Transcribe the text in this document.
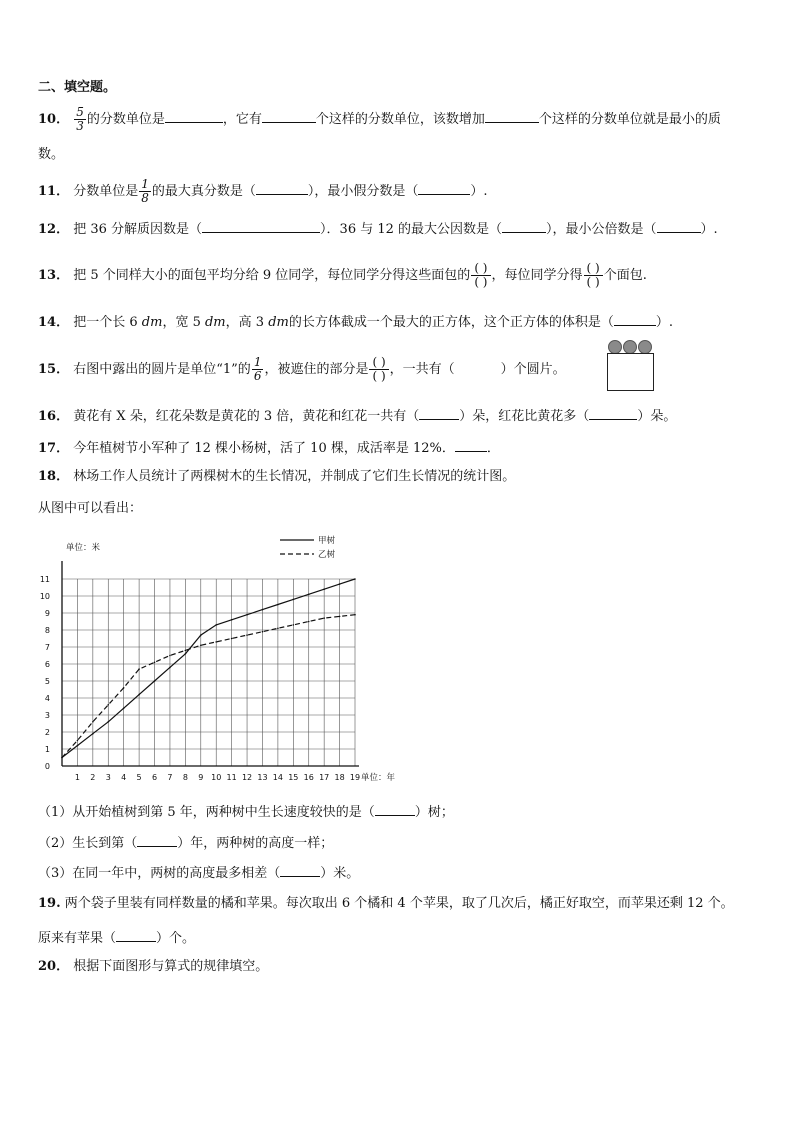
二、填空题。
10． $\frac{5}{3}$ 的分数单位是	，它有	个这样的分数单位，该数增加	个这样的分数单位就是最小的质
数。
11． 分数单位是 $\frac{1}{8}$ 的最大真分数是（	），最小假分数是（	）.
12． 把 36 分解质因数是（	）．36 与 12 的最大公因数是（	），最小公倍数是（	）.
13． 把 5 个同样大小的面包平均分给 9 位同学，每位同学分得这些面包的 $\frac{( )}{( )}$ ，每位同学分得 $\frac{( )}{( )}$ 个面包.
14． 把一个长 6 dm，宽 5 dm，高 3 dm的长方体截成一个最大的正方体，这个正方体的体积是（	）.
15． 右图中露出的圆片是单位“1”的 $\frac{1}{6}$ ，被遮住的部分是 $\frac{( )}{( )}$ ，一共有（	）个圆片。
16． 黄花有 X 朵，红花朵数是黄花的 3 倍，黄花和红花一共有（	）朵，红花比黄花多（	）朵。
17． 今年植树节小军种了 12 棵小杨树，活了 10 棵，成活率是 12%． ．
18． 林场工作人员统计了两棵树木的生长情况，并制成了它们生长情况的统计图。
从图中可以看出：
1 2 3 4 5 6 7 8 9 10 11 12 13 14 15 16 17 18 19
0
1
2
3
4
5
6
7
8
9
10
11
单位：米
单位：年
甲树
乙树
（1）从开始植树到第 5 年，两种树中生长速度较快的是（	）树；
（2）生长到第（	）年，两种树的高度一样；
（3）在同一年中，两树的高度最多相差（	）米。
19. 两个袋子里装有同样数量的橘和苹果。每次取出 6 个橘和 4 个苹果，取了几次后，橘正好取空，而苹果还剩 12 个。
原来有苹果（	）个。
20． 根据下面图形与算式的规律填空。
